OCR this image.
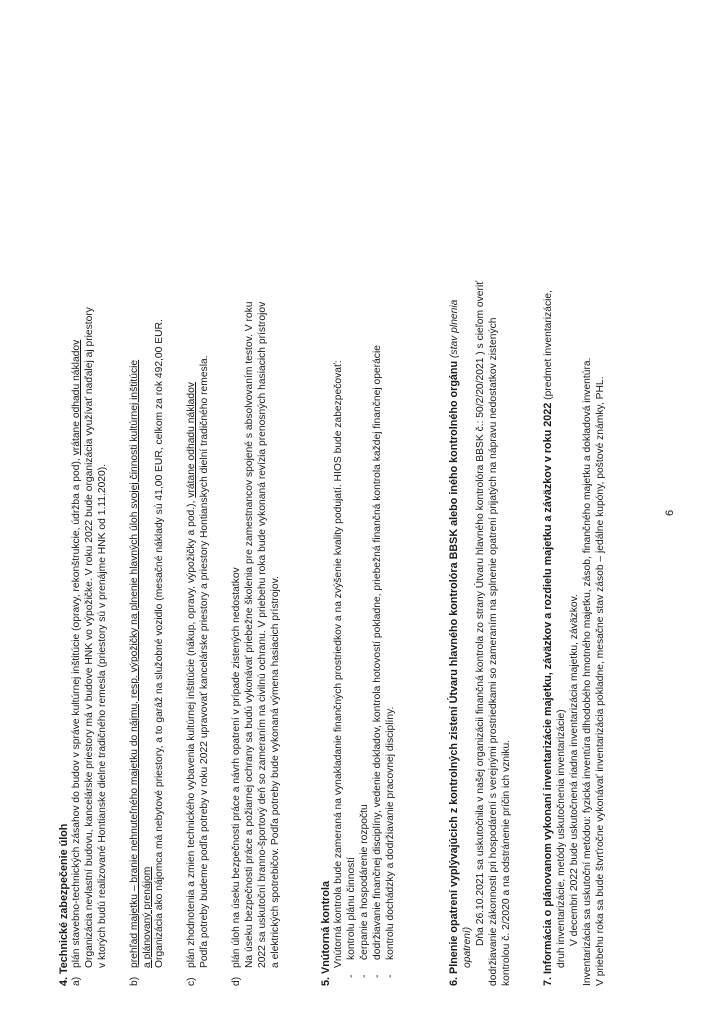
4. Technické zabezpečenie úloh a)
plán stavebno-technických zásahov do budov v správe kultúrnej inštitúcie (opravy, rekonštrukcie, údržba a pod), vrátane odhadu nákladov Organizácia nevlastní budovu, kancelárske priestory má v budove HNK vo výpožičke. V roku 2022 bude organizácia využívať naďalej aj priestory v ktorých budú realizované Hontianske dielne tradičného remesla (priestory sú v prenájme HNK od 1.11.2020).
b)
prehľad majetku – branie nehnuteľného majetku do nájmu, resp. výpožičky na plnenie hlavných úloh svojej činnosti kultúrnej inštitúcie a plánovaný prenájom Organizácia ako nájomca má nebytové priestory, a to garáž na služobné vozidlo (mesačné náklady sú 41,00 EUR, celkom za rok 492,00 EUR.
c)
plán zhodnotenia a zmien technického vybavenia kultúrnej inštitúcie (nákup, opravy, výpožičky a pod.), vrátane odhadu nákladov Podľa potreby budeme podľa potreby v roku 2022 upravovať kancelárske priestory a priestory Hontianskych dielní tradičného remesla.
d)
plán úloh na úseku bezpečnosti práce a návrh opatrení v prípade zistených nedostatkov Na úseku bezpečnosti práce a požiarnej ochrany sa budú vykonávať priebežne školenia pre zamestnancov spojené s absolvovaním testov. V roku 2022 sa uskutoční branno-športový deň so zameraním na civilnú ochranu. V priebehu roka bude vykonaná revízia prenosných hasiacich prístrojov a elektrických spotrebičov. Podľa potreby bude vykonaná výmena hasiacich prístrojov.	5. Vnútorná kontrola Vnútorná kontrola bude zameraná na vynakladanie finančných prostriedkov a na zvýšenie kvality podujatí. HIOS bude zabezpečovať:
-
kontrolu plánu činností
-
čerpanie a hospodárenie rozpočtu
-
dodržiavanie finančnej disciplíny, vedenie dokladov, kontrola hotovostí pokladne, priebežná finančná kontrola každej finančnej operácie
-
kontrolu dochádzky a dodržiavanie pracovnej disciplíny.	6. Plnenie opatrení vyplývajúcich z kontrolných zistení Útvaru hlavného kontrolóra BBSK alebo iného kontrolného orgánu (stav plnenia
opatrení)
Dňa 26.10.2021 sa uskutočnila v našej organizácii finančná kontrola zo strany Útvaru hlavného kontrolóra BBSK č.: 50/2/20/2021 ) s cieľom overiť dodržiavanie zákonnosti pri hospodárení s verejnými prostriedkami so zameraním na splnenie opatrení prijatých na nápravu nedostatkov zistených kontrolou č. 2/2020 a na odstránenie príčin ich vzniku.	7. Informácia o plánovanom vykonaní inventarizácie majetku, záväzkov a rozdielu majetku a záväzkov v roku 2022 (predmet inventarizácie,
druh inventarizácie, metódy uskutočnenia inventarizácie) V decembri 2022 bude uskutočnená riadna inventarizácia majetku, záväzkov. Inventarizácia sa uskutoční metódou: fyzická inventúra dlhodobého hmotného majetku, zásob, finančného majetku a dokladová inventúra. V priebehu roka sa bude štvrťročne vykonávať inventarizácia pokladne, mesačne stav zásob – jedálne kupóny, poštové známky, PHL.	6
